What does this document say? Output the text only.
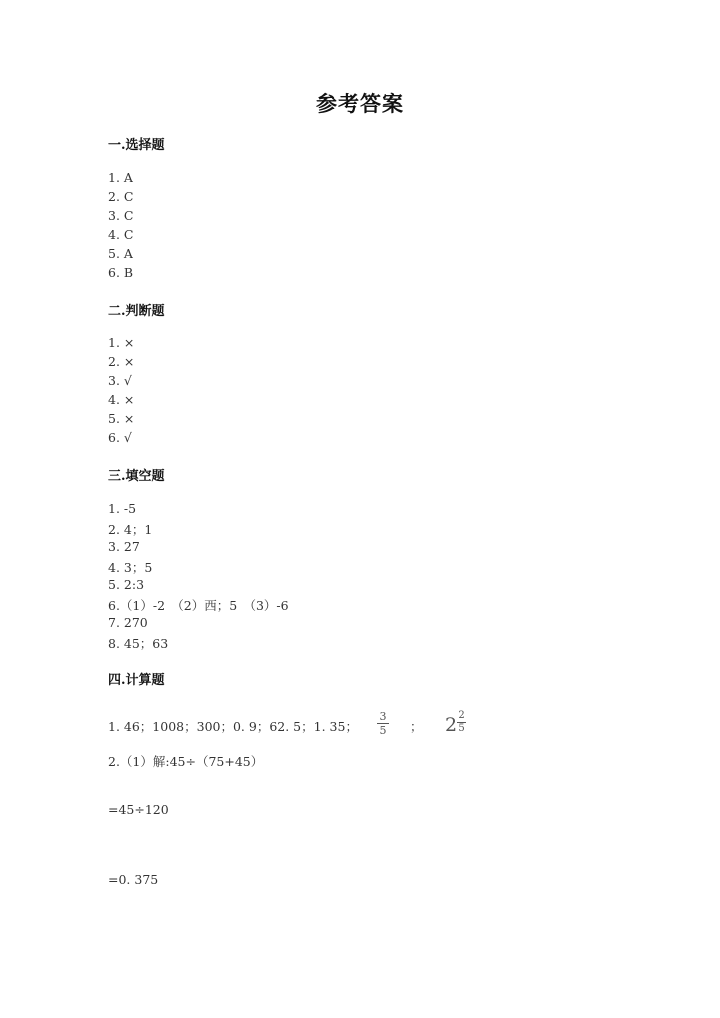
参考答案
一.选择题
1. A
2. C
3. C
4. C
5. A
6. B
二.判断题
1. ×
2. ×
3. √
4. ×
5. ×
6. √
三.填空题
1. -5
2. 4；1
3. 27
4. 3；5
5. 2:3
6.（1）-2　（2）西；5　（3）-6
7. 270
8. 45；63
四.计算题
1. 46；1008；300；0. 9；62. 5；1. 35；
3
5 ； 2 2
5
2.（1）解:45÷（75+45）
=45÷120
=0. 375
